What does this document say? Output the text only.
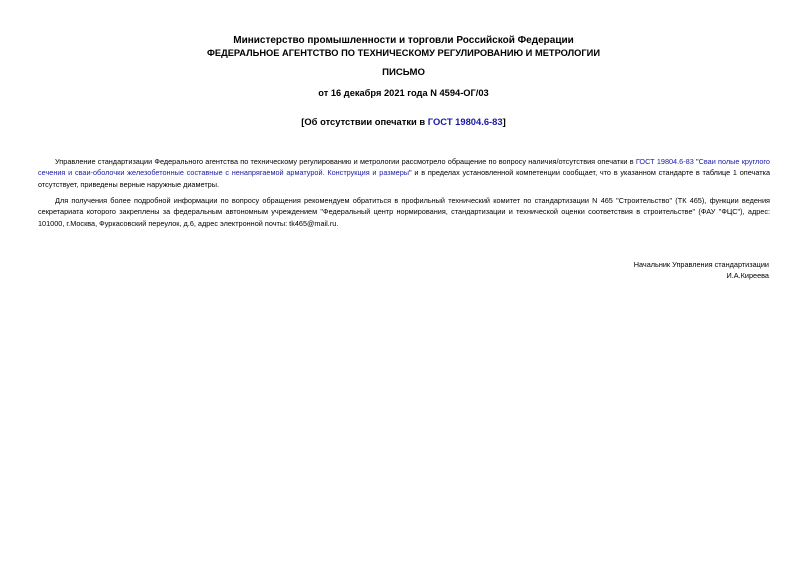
Министерство промышленности и торговли Российской Федерации
ФЕДЕРАЛЬНОЕ АГЕНТСТВО ПО ТЕХНИЧЕСКОМУ РЕГУЛИРОВАНИЮ И МЕТРОЛОГИИ
ПИСЬМО
от 16 декабря 2021 года N 4594-ОГ/03
[Об отсутствии опечатки в ГОСТ 19804.6-83]
Управление стандартизации Федерального агентства по техническому регулированию и метрологии рассмотрело обращение по вопросу наличия/отсутствия опечатки в ГОСТ 19804.6-83 "Сваи полые круглого сечения и сваи-оболочки железобетонные составные с ненапрягаемой арматурой. Конструкция и размеры" и в пределах установленной компетенции сообщает, что в указанном стандарте в таблице 1 опечатка отсутствует, приведены верные наружные диаметры.
Для получения более подробной информации по вопросу обращения рекомендуем обратиться в профильный технический комитет по стандартизации N 465 "Строительство" (ТК 465), функции ведения секретариата которого закреплены за федеральным автономным учреждением "Федеральный центр нормирования, стандартизации и технической оценки соответствия в строительстве" (ФАУ "ФЦС"), адрес: 101000, г.Москва, Фуркасовский переулок, д.6, адрес электронной почты: tk465@mail.ru.
Начальник Управления стандартизации
И.А.Киреева
